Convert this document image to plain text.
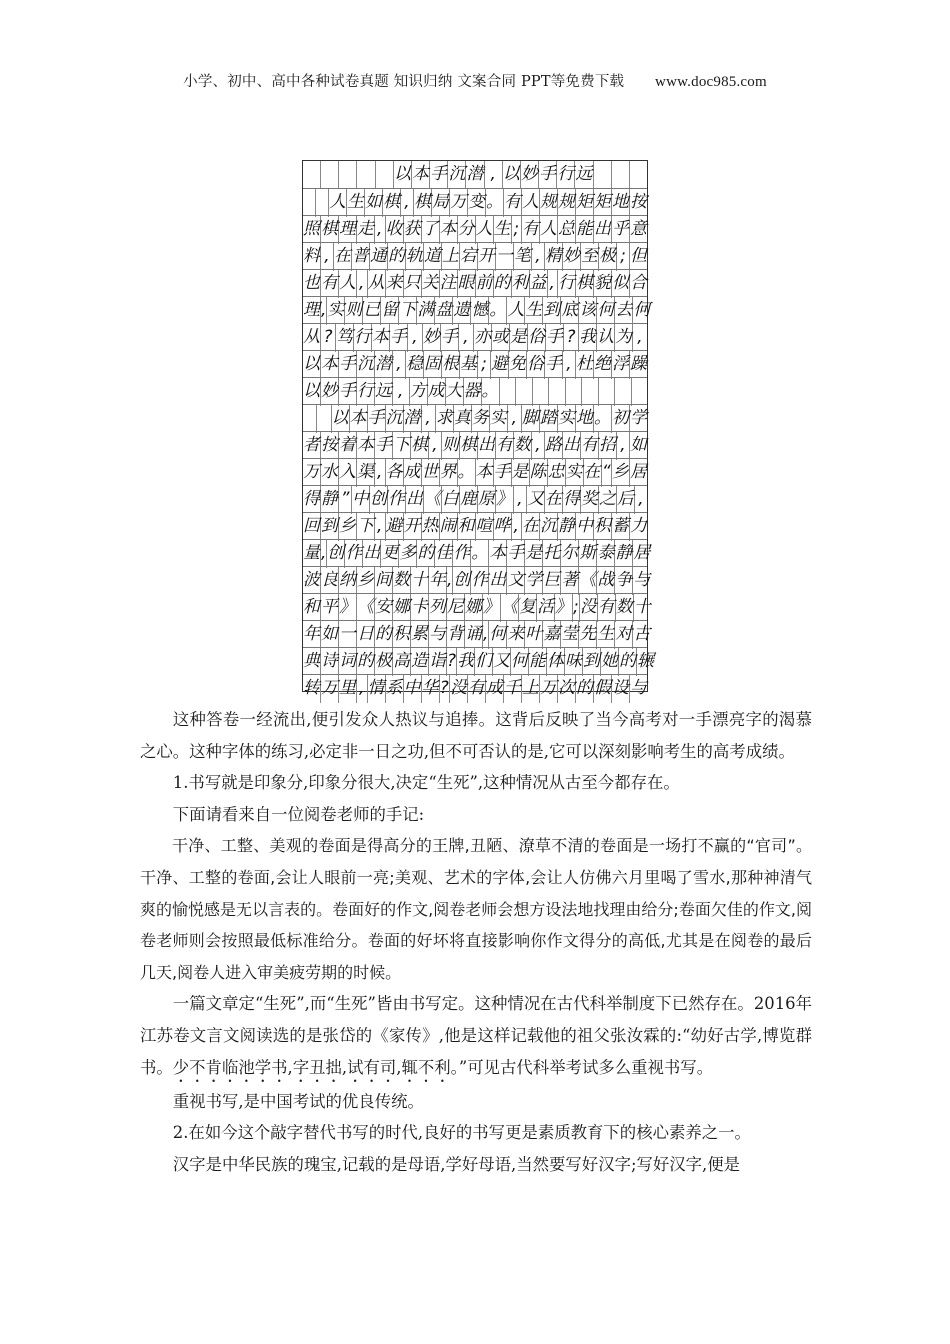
小学、初中、高中各种试卷真题 知识归纳 文案合同 PPT等免费下载 www.doc985.com
以 本 手 沉 潜 , 以 妙 手 行 远
人 生 如 棋 , 棋 局 万 变 。 有 人 规 规 矩 矩 地 按
照 棋 理 走 , 收 获 了 本 分 人 生 ; 有 人 总 能 出 乎 意
料 , 在 普 通 的 轨 道 上 宕 开 一 笔 , 精 妙 至 极 ; 但
也 有 人 , 从 来 只 关 注 眼 前 的 利 益 , 行 棋 貌 似 合
理 , 实 则 已 留 下 满 盘 遗 憾 。 人 生 到 底 该 何 去 何
从 ? 笃 行 本 手 , 妙 手 , 亦 或 是 俗 手 ? 我 认 为 ,
以 本 手 沉 潜 , 稳 固 根 基 ; 避 免 俗 手 , 杜 绝 浮 躁
以 妙 手 行 远 , 方 成 大 器 。
以 本 手 沉 潜 , 求 真 务 实 , 脚 踏 实 地 。 初 学
者 按 着 本 手 下 棋 , 则 棋 出 有 数 , 路 出 有 招 , 如
万 水 入 渠 , 各 成 世 界 。 本 手 是 陈 忠 实 在 “ 乡 居
得 静 ” 中 创 作 出 《 白 鹿 原 》 , 又 在 得 奖 之 后 ,
回 到 乡 下 , 避 开 热 闹 和 喧 哗 , 在 沉 静 中 积 蓄 力
量 , 创 作 出 更 多 的 佳 作 。 本 手 是 托 尔 斯 泰 静 居
波 良 纳 乡 间 数 十 年 , 创 作 出 文 学 巨 著 《 战 争 与
和 平 》 《 安 娜 卡 列 尼 娜 》 《 复 活 》 ; 没 有 数 十
年 如 一 日 的 积 累 与 背 诵 , 何 来 叶 嘉 莹 先 生 对 古
典 诗 词 的 极 高 造 诣 ? 我 们 又 何 能 体 味 到 她 的 辗
转 万 里 , 情 系 中 华 ? 没 有 成 千 上 万 次 的 假 设 与

这种答卷一经流出,便引发众人热议与追捧。这背后反映了当今高考对一手漂亮字的渴慕之心。这种字体的练习,必定非一日之功,但不可否认的是,它可以深刻影响考生的高考成绩。

1.书写就是印象分,印象分很大,决定“生死”,这种情况从古至今都存在。

下面请看来自一位阅卷老师的手记:

干净、工整、美观的卷面是得高分的王牌,丑陋、潦草不清的卷面是一场打不赢的“官司”。干净、工整的卷面,会让人眼前一亮;美观、艺术的字体,会让人仿佛六月里喝了雪水,那种神清气爽的愉悦感是无以言表的。卷面好的作文,阅卷老师会想方设法地找理由给分;卷面欠佳的作文,阅卷老师则会按照最低标准给分。卷面的好坏将直接影响你作文得分的高低,尤其是在阅卷的最后几天,阅卷人进入审美疲劳期的时候。

一篇文章定“生死”,而“生死”皆由书写定。这种情况在古代科举制度下已然存在。2016年江苏卷文言文阅读选的是张岱的《家传》,他是这样记载他的祖父张汝霖的:“幼好古学,博览群书。少不肯临池学书,字丑拙,试有司,辄不利。”可见古代科举考试多么重视书写。

重视书写,是中国考试的优良传统。

2.在如今这个敲字替代书写的时代,良好的书写更是素质教育下的核心素养之一。

汉字是中华民族的瑰宝,记载的是母语,学好母语,当然要写好汉字;写好汉字,便是
